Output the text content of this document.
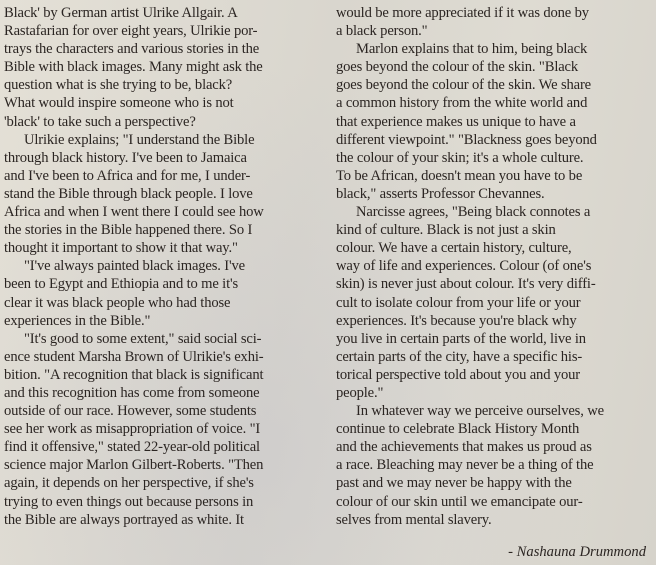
Black' by German artist Ulrike Allgair. A
Rastafarian for over eight years, Ulrikie por-
trays the characters and various stories in the
Bible with black images. Many might ask the
question what is she trying to be, black?
What would inspire someone who is not
'black' to take such a perspective?
Ulrikie explains; "I understand the Bible
through black history. I've been to Jamaica
and I've been to Africa and for me, I under-
stand the Bible through black people. I love
Africa and when I went there I could see how
the stories in the Bible happened there. So I
thought it important to show it that way."
"I've always painted black images. I've
been to Egypt and Ethiopia and to me it's
clear it was black people who had those
experiences in the Bible."
"It's good to some extent," said social sci-
ence student Marsha Brown of Ulrikie's exhi-
bition. "A recognition that black is significant
and this recognition has come from someone
outside of our race. However, some students
see her work as misappropriation of voice. "I
find it offensive," stated 22-year-old political
science major Marlon Gilbert-Roberts. "Then
again, it depends on her perspective, if she's
trying to even things out because persons in
the Bible are always portrayed as white. It
would be more appreciated if it was done by
a black person."
Marlon explains that to him, being black
goes beyond the colour of the skin. "Black
goes beyond the colour of the skin. We share
a common history from the white world and
that experience makes us unique to have a
different viewpoint." "Blackness goes beyond
the colour of your skin; it's a whole culture.
To be African, doesn't mean you have to be
black," asserts Professor Chevannes.
Narcisse agrees, "Being black connotes a
kind of culture. Black is not just a skin
colour. We have a certain history, culture,
way of life and experiences. Colour (of one's
skin) is never just about colour. It's very diffi-
cult to isolate colour from your life or your
experiences. It's because you're black why
you live in certain parts of the world, live in
certain parts of the city, have a specific his-
torical perspective told about you and your
people."
In whatever way we perceive ourselves, we
continue to celebrate Black History Month
and the achievements that makes us proud as
a race. Bleaching may never be a thing of the
past and we may never be happy with the
colour of our skin until we emancipate our-
selves from mental slavery.
- Nashauna Drummond
